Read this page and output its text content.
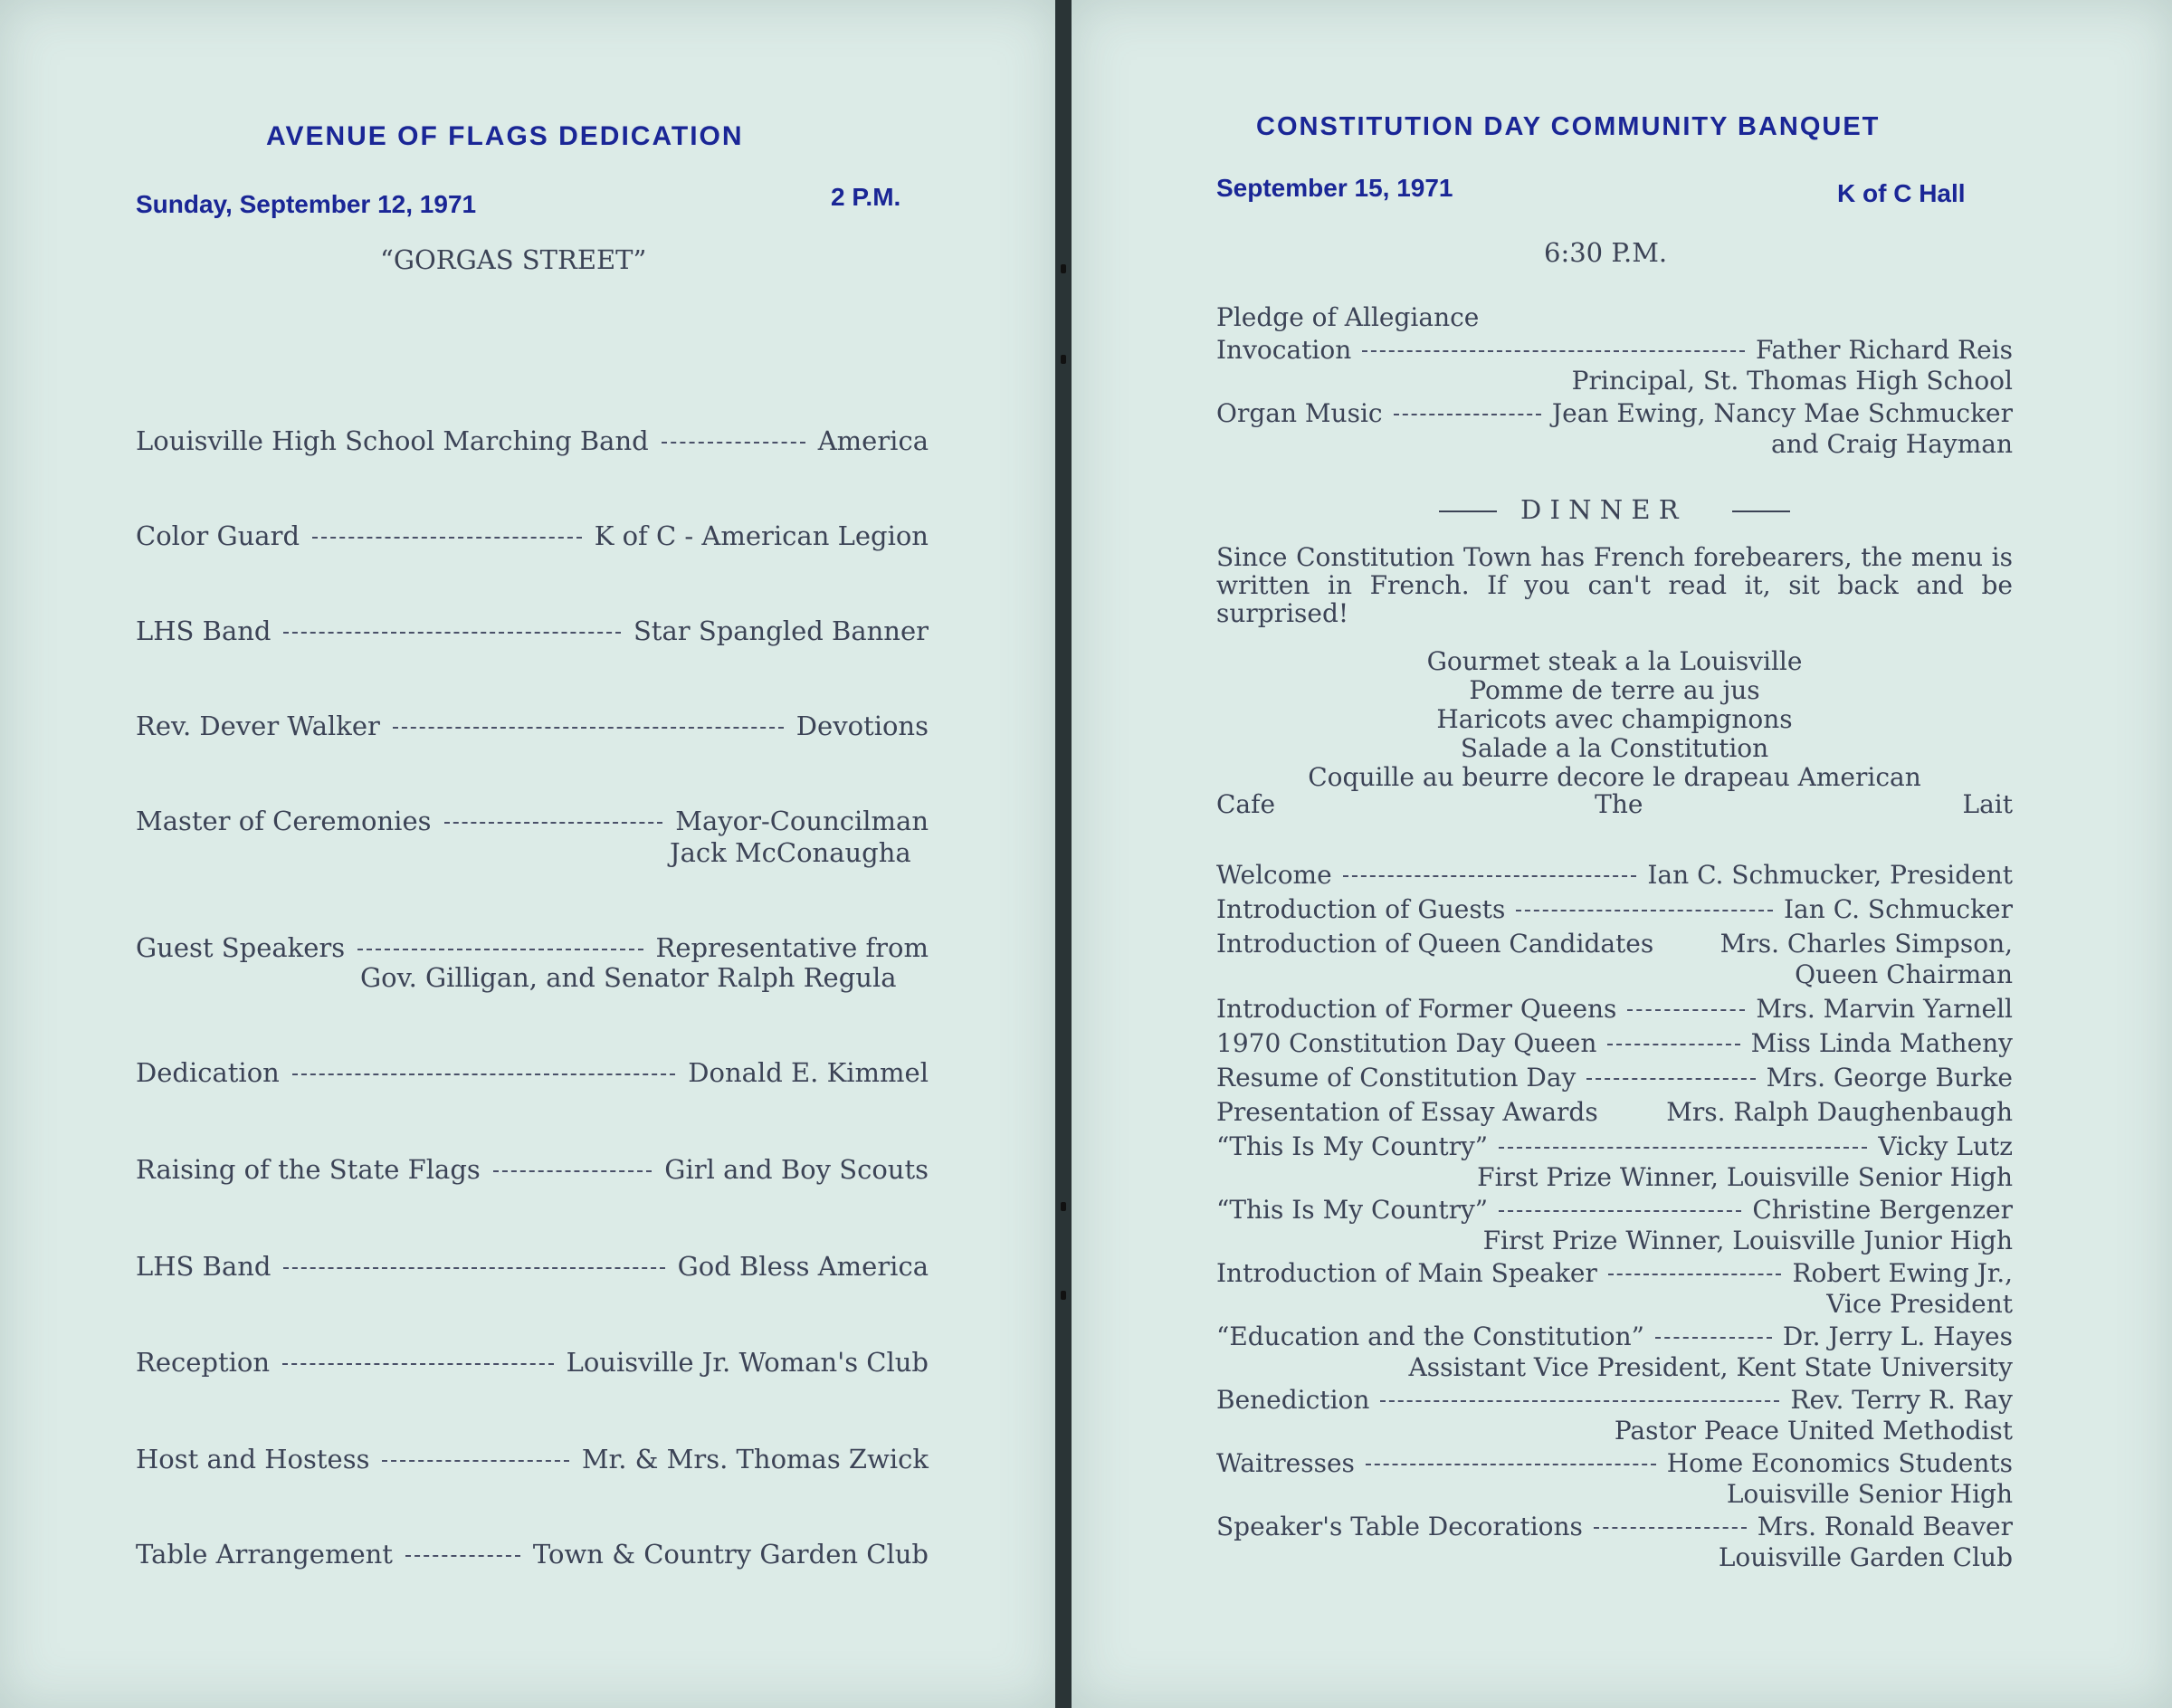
AVENUE OF FLAGS DEDICATION
Sunday, September 12, 1971	2 P.M.
“GORGAS STREET”
Louisville High School Marching Band	America
Color Guard	K of C - American Legion
LHS Band	Star Spangled Banner
Rev. Dever Walker	Devotions
Master of Ceremonies	Mayor-Councilman
Jack McConaugha
Guest Speakers	Representative from
Gov. Gilligan, and Senator Ralph Regula
Dedication	Donald E. Kimmel
Raising of the State Flags	Girl and Boy Scouts
LHS Band	God Bless America
Reception	Louisville Jr. Woman's Club
Host and Hostess	Mr. & Mrs. Thomas Zwick
Table Arrangement	Town & Country Garden Club
CONSTITUTION DAY COMMUNITY BANQUET
September 15, 1971	K of C Hall
6:30 P.M.
Pledge of Allegiance
Invocation	Father Richard Reis
Principal, St. Thomas High School
Organ Music	Jean Ewing, Nancy Mae Schmucker
and Craig Hayman
D I N N E R
Since Constitution Town has French forebearers, the menu is written in French. If you can't read it, sit back and be surprised!
Gourmet steak a la Louisville
Pomme de terre au jus
Haricots avec champignons
Salade a la Constitution
Coquille au beurre decore le drapeau American
Cafe	The	Lait
Welcome	Ian C. Schmucker, President
Introduction of Guests	Ian C. Schmucker
Introduction of Queen Candidates	Mrs. Charles Simpson,
Queen Chairman
Introduction of Former Queens	Mrs. Marvin Yarnell
1970 Constitution Day Queen	Miss Linda Matheny
Resume of Constitution Day	Mrs. George Burke
Presentation of Essay Awards	Mrs. Ralph Daughenbaugh
“This Is My Country”	Vicky Lutz
First Prize Winner, Louisville Senior High
“This Is My Country”	Christine Bergenzer
First Prize Winner, Louisville Junior High
Introduction of Main Speaker	Robert Ewing Jr.,
Vice President
“Education and the Constitution”	Dr. Jerry L. Hayes
Assistant Vice President, Kent State University
Benediction	Rev. Terry R. Ray
Pastor Peace United Methodist
Waitresses	Home Economics Students
Louisville Senior High
Speaker's Table Decorations	Mrs. Ronald Beaver
Louisville Garden Club
